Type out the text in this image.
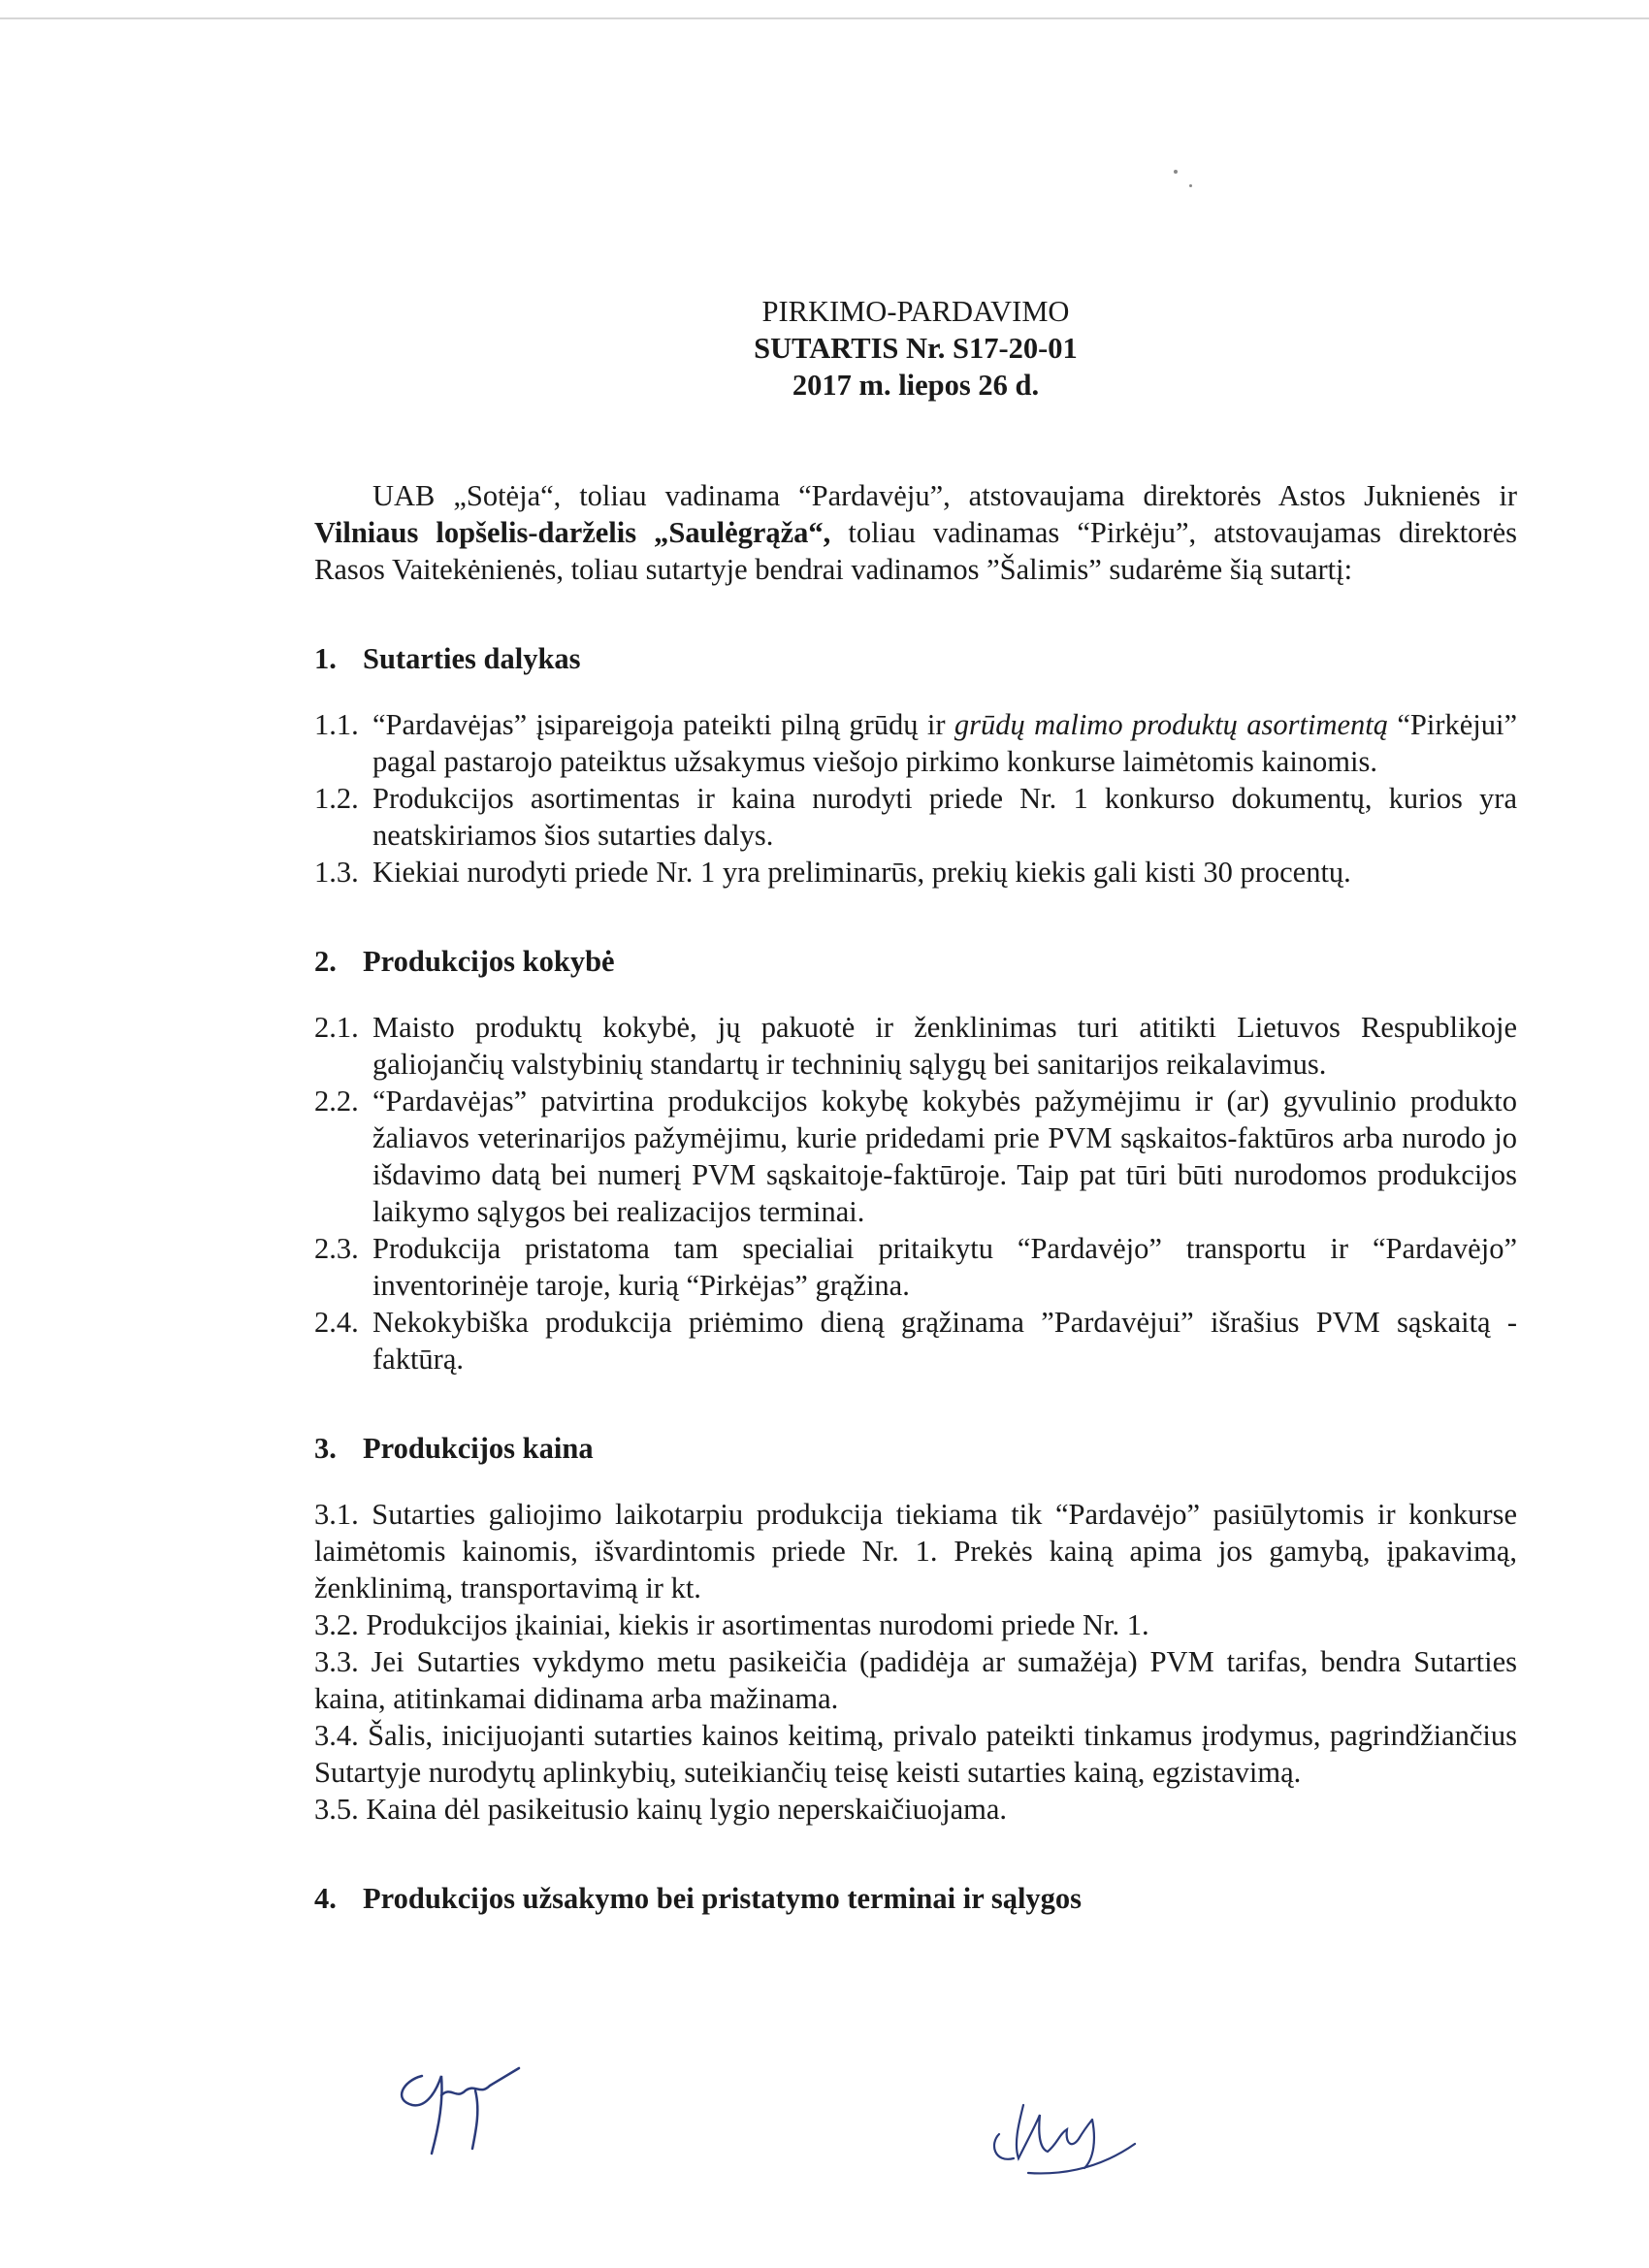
PIRKIMO-PARDAVIMO
SUTARTIS Nr. S17-20-01
2017 m. liepos 26 d.

UAB „Sotėja“, toliau vadinama “Pardavėju”, atstovaujama direktorės Astos Juknienės ir Vilniaus lopšelis-darželis „Saulėgrąža“, toliau vadinamas “Pirkėju”, atstovaujamas direktorės Rasos Vaitekėnienės, toliau sutartyje bendrai vadinamos ”Šalimis” sudarėme šią sutartį:

1. Sutarties dalykas
1.1. “Pardavėjas” įsipareigoja pateikti pilną grūdų ir grūdų malimo produktų asortimentą “Pirkėjui” pagal pastarojo pateiktus užsakymus viešojo pirkimo konkurse laimėtomis kainomis.
1.2. Produkcijos asortimentas ir kaina nurodyti priede Nr. 1 konkurso dokumentų, kurios yra neatskiriamos šios sutarties dalys.
1.3. Kiekiai nurodyti priede Nr. 1 yra preliminarūs, prekių kiekis gali kisti 30 procentų.
2. Produkcijos kokybė
2.1. Maisto produktų kokybė, jų pakuotė ir ženklinimas turi atitikti Lietuvos Respublikoje galiojančių valstybinių standartų ir techninių sąlygų bei sanitarijos reikalavimus.
2.2. “Pardavėjas” patvirtina produkcijos kokybę kokybės pažymėjimu ir (ar) gyvulinio produkto žaliavos veterinarijos pažymėjimu, kurie pridedami prie PVM sąskaitos-faktūros arba nurodo jo išdavimo datą bei numerį PVM sąskaitoje-faktūroje. Taip pat tūri būti nurodomos produkcijos laikymo sąlygos bei realizacijos terminai.
2.3. Produkcija pristatoma tam specialiai pritaikytu “Pardavėjo” transportu ir “Pardavėjo” inventorinėje taroje, kurią “Pirkėjas” grąžina.
2.4. Nekokybiška produkcija priėmimo dieną grąžinama ”Pardavėjui” išrašius PVM sąskaitą - faktūrą.
3. Produkcijos kaina
3.1. Sutarties galiojimo laikotarpiu produkcija tiekiama tik “Pardavėjo” pasiūlytomis ir konkurse laimėtomis kainomis, išvardintomis priede Nr. 1. Prekės kainą apima jos gamybą, įpakavimą, ženklinimą, transportavimą ir kt.
3.2. Produkcijos įkainiai, kiekis ir asortimentas nurodomi priede Nr. 1.
3.3. Jei Sutarties vykdymo metu pasikeičia (padidėja ar sumažėja) PVM tarifas, bendra Sutarties kaina, atitinkamai didinama arba mažinama.
3.4. Šalis, inicijuojanti sutarties kainos keitimą, privalo pateikti tinkamus įrodymus, pagrindžiančius Sutartyje nurodytų aplinkybių, suteikiančių teisę keisti sutarties kainą, egzistavimą.
3.5. Kaina dėl pasikeitusio kainų lygio neperskaičiuojama.
4. Produkcijos užsakymo bei pristatymo terminai ir sąlygos
